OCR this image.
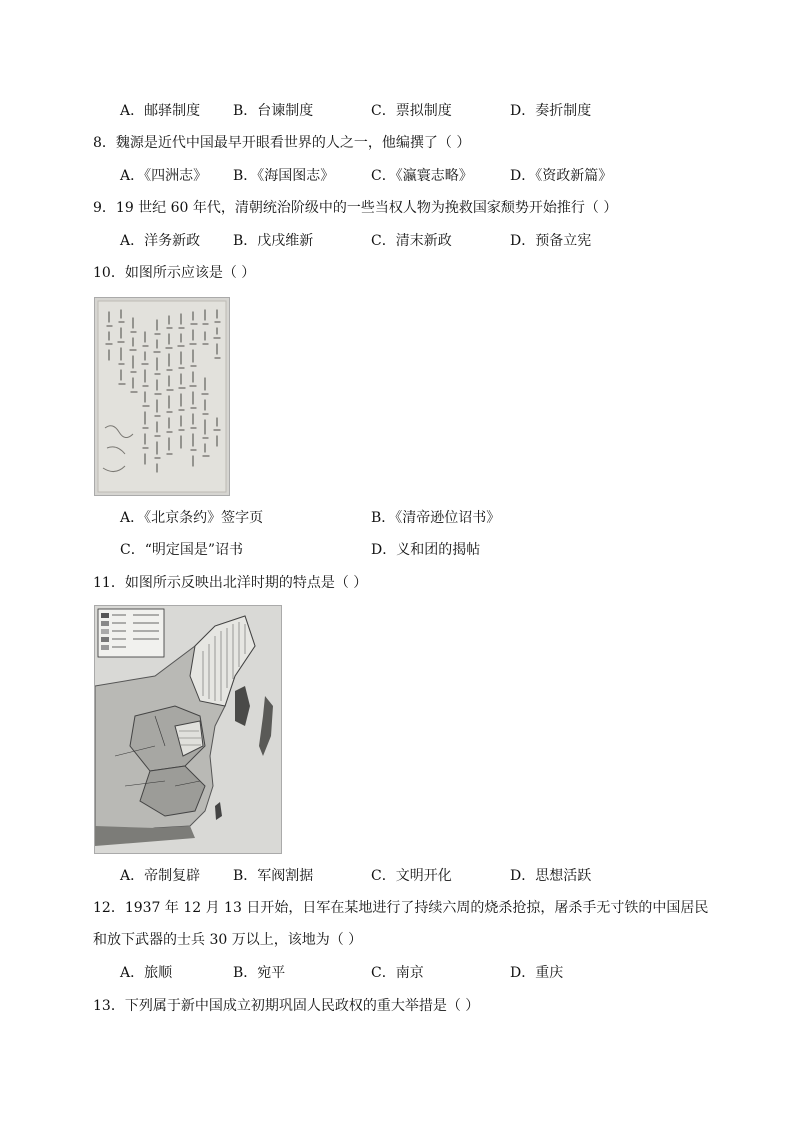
A．邮驿制度 B．台谏制度	C．票拟制度	D．奏折制度
8．魏源是近代中国最早开眼看世界的人之一，他编撰了（ ）
A．《四洲志》 B．《海国图志》	C．《瀛寰志略》	D．《资政新篇》
9．19 世纪 60 年代，清朝统治阶级中的一些当权人物为挽救国家颓势开始推行（ ）
A．洋务新政 B．戊戌维新	C．清末新政	D．预备立宪
10．如图所示应该是（ ）
A．《北京条约》签字页	B．《清帝逊位诏书》
C．“明定国是”诏书	D．义和团的揭帖
11．如图所示反映出北洋时期的特点是（ ）
A．帝制复辟 B．军阀割据	C．文明开化	D．思想活跃
12．1937 年 12 月 13 日开始，日军在某地进行了持续六周的烧杀抢掠，屠杀手无寸铁的中国居民
和放下武器的士兵 30 万以上，该地为（ ）
A．旅顺	B．宛平	C．南京	D．重庆
13．下列属于新中国成立初期巩固人民政权的重大举措是（ ）
